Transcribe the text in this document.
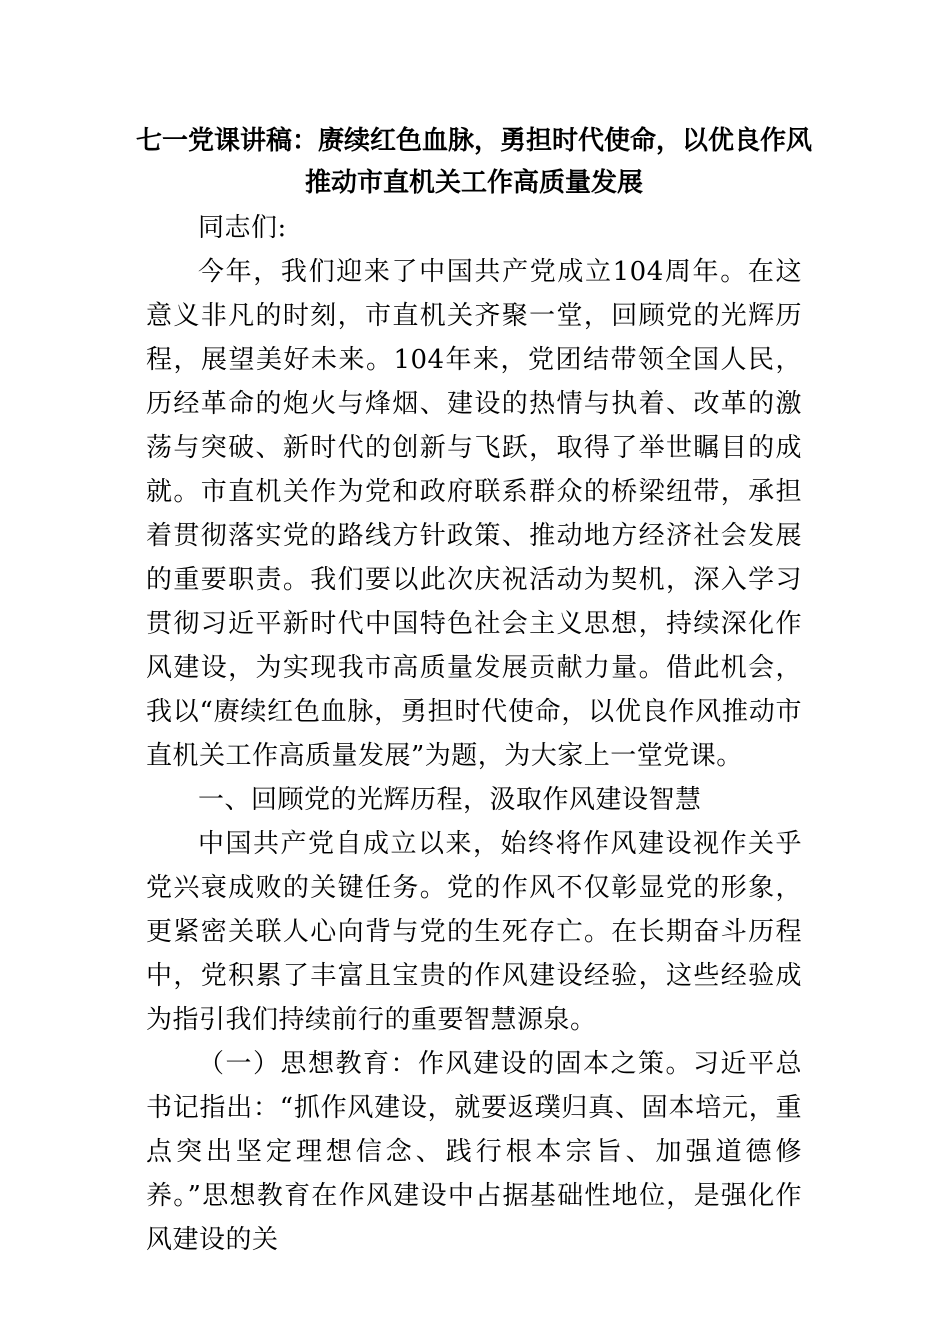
七一党课讲稿：赓续红色血脉，勇担时代使命，以优良作风推动市直机关工作高质量发展

同志们:

今年，我们迎来了中国共产党成立104周年。在这意义非凡的时刻，市直机关齐聚一堂，回顾党的光辉历程，展望美好未来。104年来，党团结带领全国人民，历经革命的炮火与烽烟、建设的热情与执着、改革的激荡与突破、新时代的创新与飞跃，取得了举世瞩目的成就。市直机关作为党和政府联系群众的桥梁纽带，承担着贯彻落实党的路线方针政策、推动地方经济社会发展的重要职责。我们要以此次庆祝活动为契机，深入学习贯彻习近平新时代中国特色社会主义思想，持续深化作风建设，为实现我市高质量发展贡献力量。借此机会，我以“赓续红色血脉，勇担时代使命，以优良作风推动市直机关工作高质量发展”为题，为大家上一堂党课。

一、回顾党的光辉历程，汲取作风建设智慧

中国共产党自成立以来，始终将作风建设视作关乎党兴衰成败的关键任务。党的作风不仅彰显党的形象，更紧密关联人心向背与党的生死存亡。在长期奋斗历程中，党积累了丰富且宝贵的作风建设经验，这些经验成为指引我们持续前行的重要智慧源泉。

（一）思想教育：作风建设的固本之策。习近平总书记指出：“抓作风建设，就要返璞归真、固本培元，重点突出坚定理想信念、践行根本宗旨、加强道德修养。”思想教育在作风建设中占据基础性地位，是强化作风建设的关
